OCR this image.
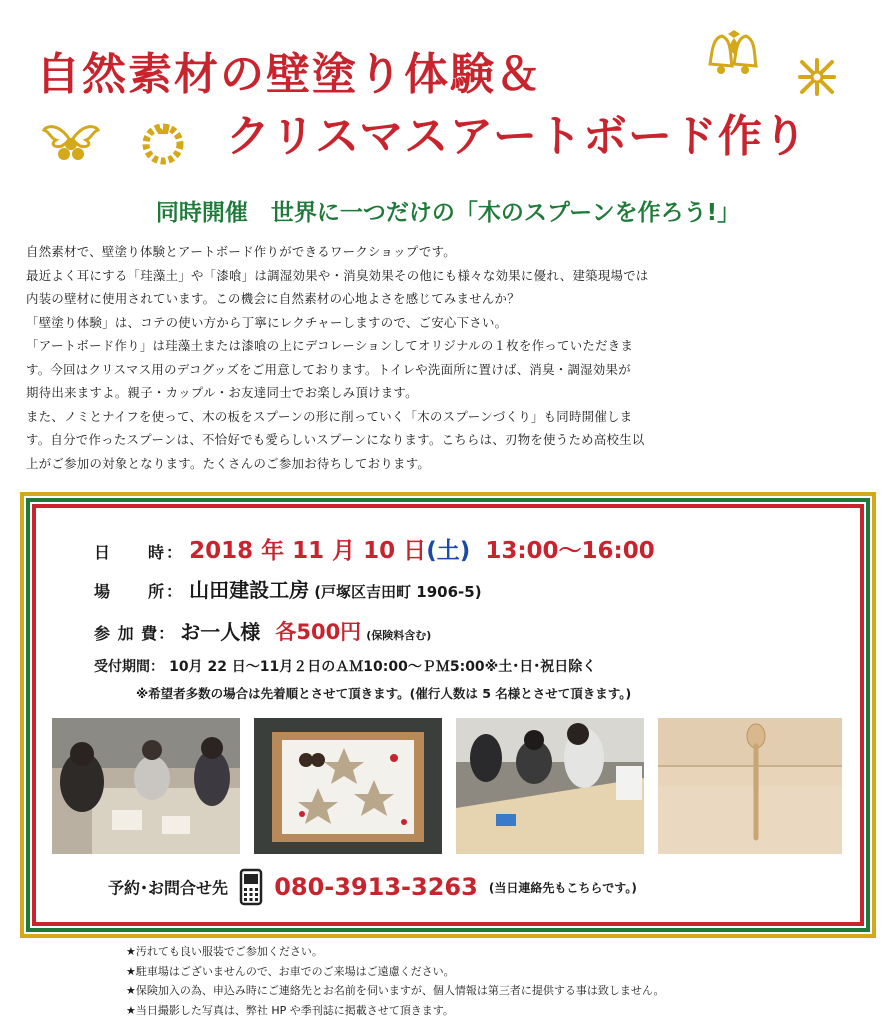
自然素材の壁塗り体験＆
クリスマスアートボード作り
同時開催　世界に一つだけの「木のスプーンを作ろう!」

自然素材で、壁塗り体験とアートボード作りができるワークショップです。

最近よく耳にする「珪藻土」や「漆喰」は調湿効果や・消臭効果その他にも様々な効果に優れ、建築現場では

内装の壁材に使用されています。この機会に自然素材の心地よさを感じてみませんか？

「壁塗り体験」は、コテの使い方から丁寧にレクチャーしますので、ご安心下さい。

「アートボード作り」は珪藻土または漆喰の上にデコレーションしてオリジナルの１枚を作っていただきま

す。今回はクリスマス用のデコグッズをご用意しております。トイレや洗面所に置けば、消臭・調湿効果が

期待出来ますよ。親子・カップル・お友達同士でお楽しみ頂けます。

また、ノミとナイフを使って、木の板をスプーンの形に削っていく「木のスプーンづくり」も同時開催しま

す。自分で作ったスプーンは、不恰好でも愛らしいスプーンになります。こちらは、刃物を使うため高校生以

上がご参加の対象となります。たくさんのご参加お待ちしております。

日　　時： 2018 年 11 月 10 日(土) 13:00～16:00
場　　所： 山田建設工房 (戸塚区吉田町 1906-5)
参 加 費： お一人様 各500円 (保険料含む)
受付期間： 10月 22 日～11月２日のＡＭ10:00～ＰＭ5:00※土･日･祝日除く
※希望者多数の場合は先着順とさせて頂きます。(催行人数は 5 名様とさせて頂きます。)
予約･お問合せ先 080-3913-3263 (当日連絡先もこちらです。)
★汚れても良い服装でご参加ください。
★駐車場はございませんので、お車でのご来場はご遠慮ください。
★保険加入の為、申込み時にご連絡先とお名前を伺いますが、個人情報は第三者に提供する事は致しません。
★当日撮影した写真は、弊社 HP や季刊誌に掲載させて頂きます。
